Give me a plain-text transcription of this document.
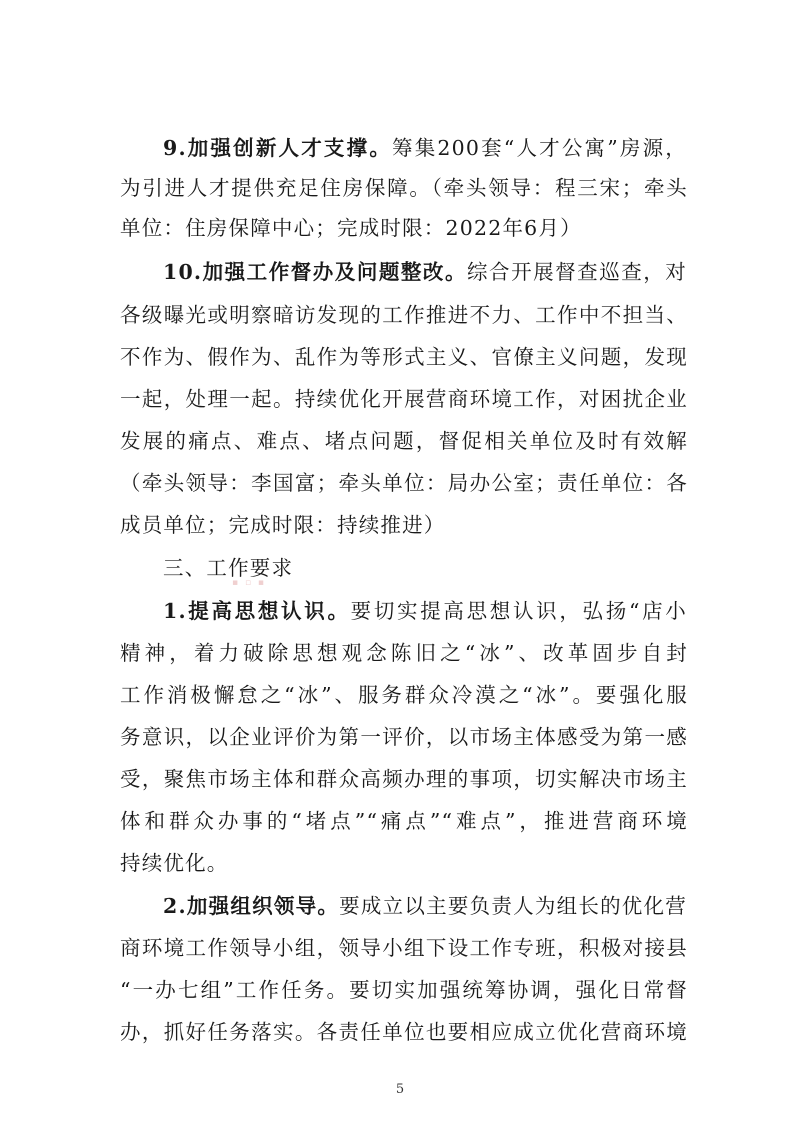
9.加强创新人才支撑。筹集200套“人才公寓”房源，
为引进人才提供充足住房保障。（牵头领导：程三宋；牵头
单位：住房保障中心；完成时限：2022年6月）
10.加强工作督办及问题整改。综合开展督查巡查，对
各级曝光或明察暗访发现的工作推进不力、工作中不担当、
不作为、假作为、乱作为等形式主义、官僚主义问题，发现
一起，处理一起。持续优化开展营商环境工作，对困扰企业
发展的痛点、难点、堵点问题，督促相关单位及时有效解
（牵头领导：李国富；牵头单位：局办公室；责任单位：各
成员单位；完成时限：持续推进）
三、工作要求
▪ ▫ ▪
1.提高思想认识。要切实提高思想认识，弘扬“店小
精神，着力破除思想观念陈旧之“冰”、改革固步自封
工作消极懈怠之“冰”、服务群众冷漠之“冰”。要强化服
务意识，以企业评价为第一评价，以市场主体感受为第一感
受，聚焦市场主体和群众高频办理的事项，切实解决市场主
体和群众办事的“堵点”“痛点”“难点”，推进营商环境
持续优化。
2.加强组织领导。要成立以主要负责人为组长的优化营
商环境工作领导小组，领导小组下设工作专班，积极对接县
“一办七组”工作任务。要切实加强统筹协调，强化日常督
办，抓好任务落实。各责任单位也要相应成立优化营商环境
5
